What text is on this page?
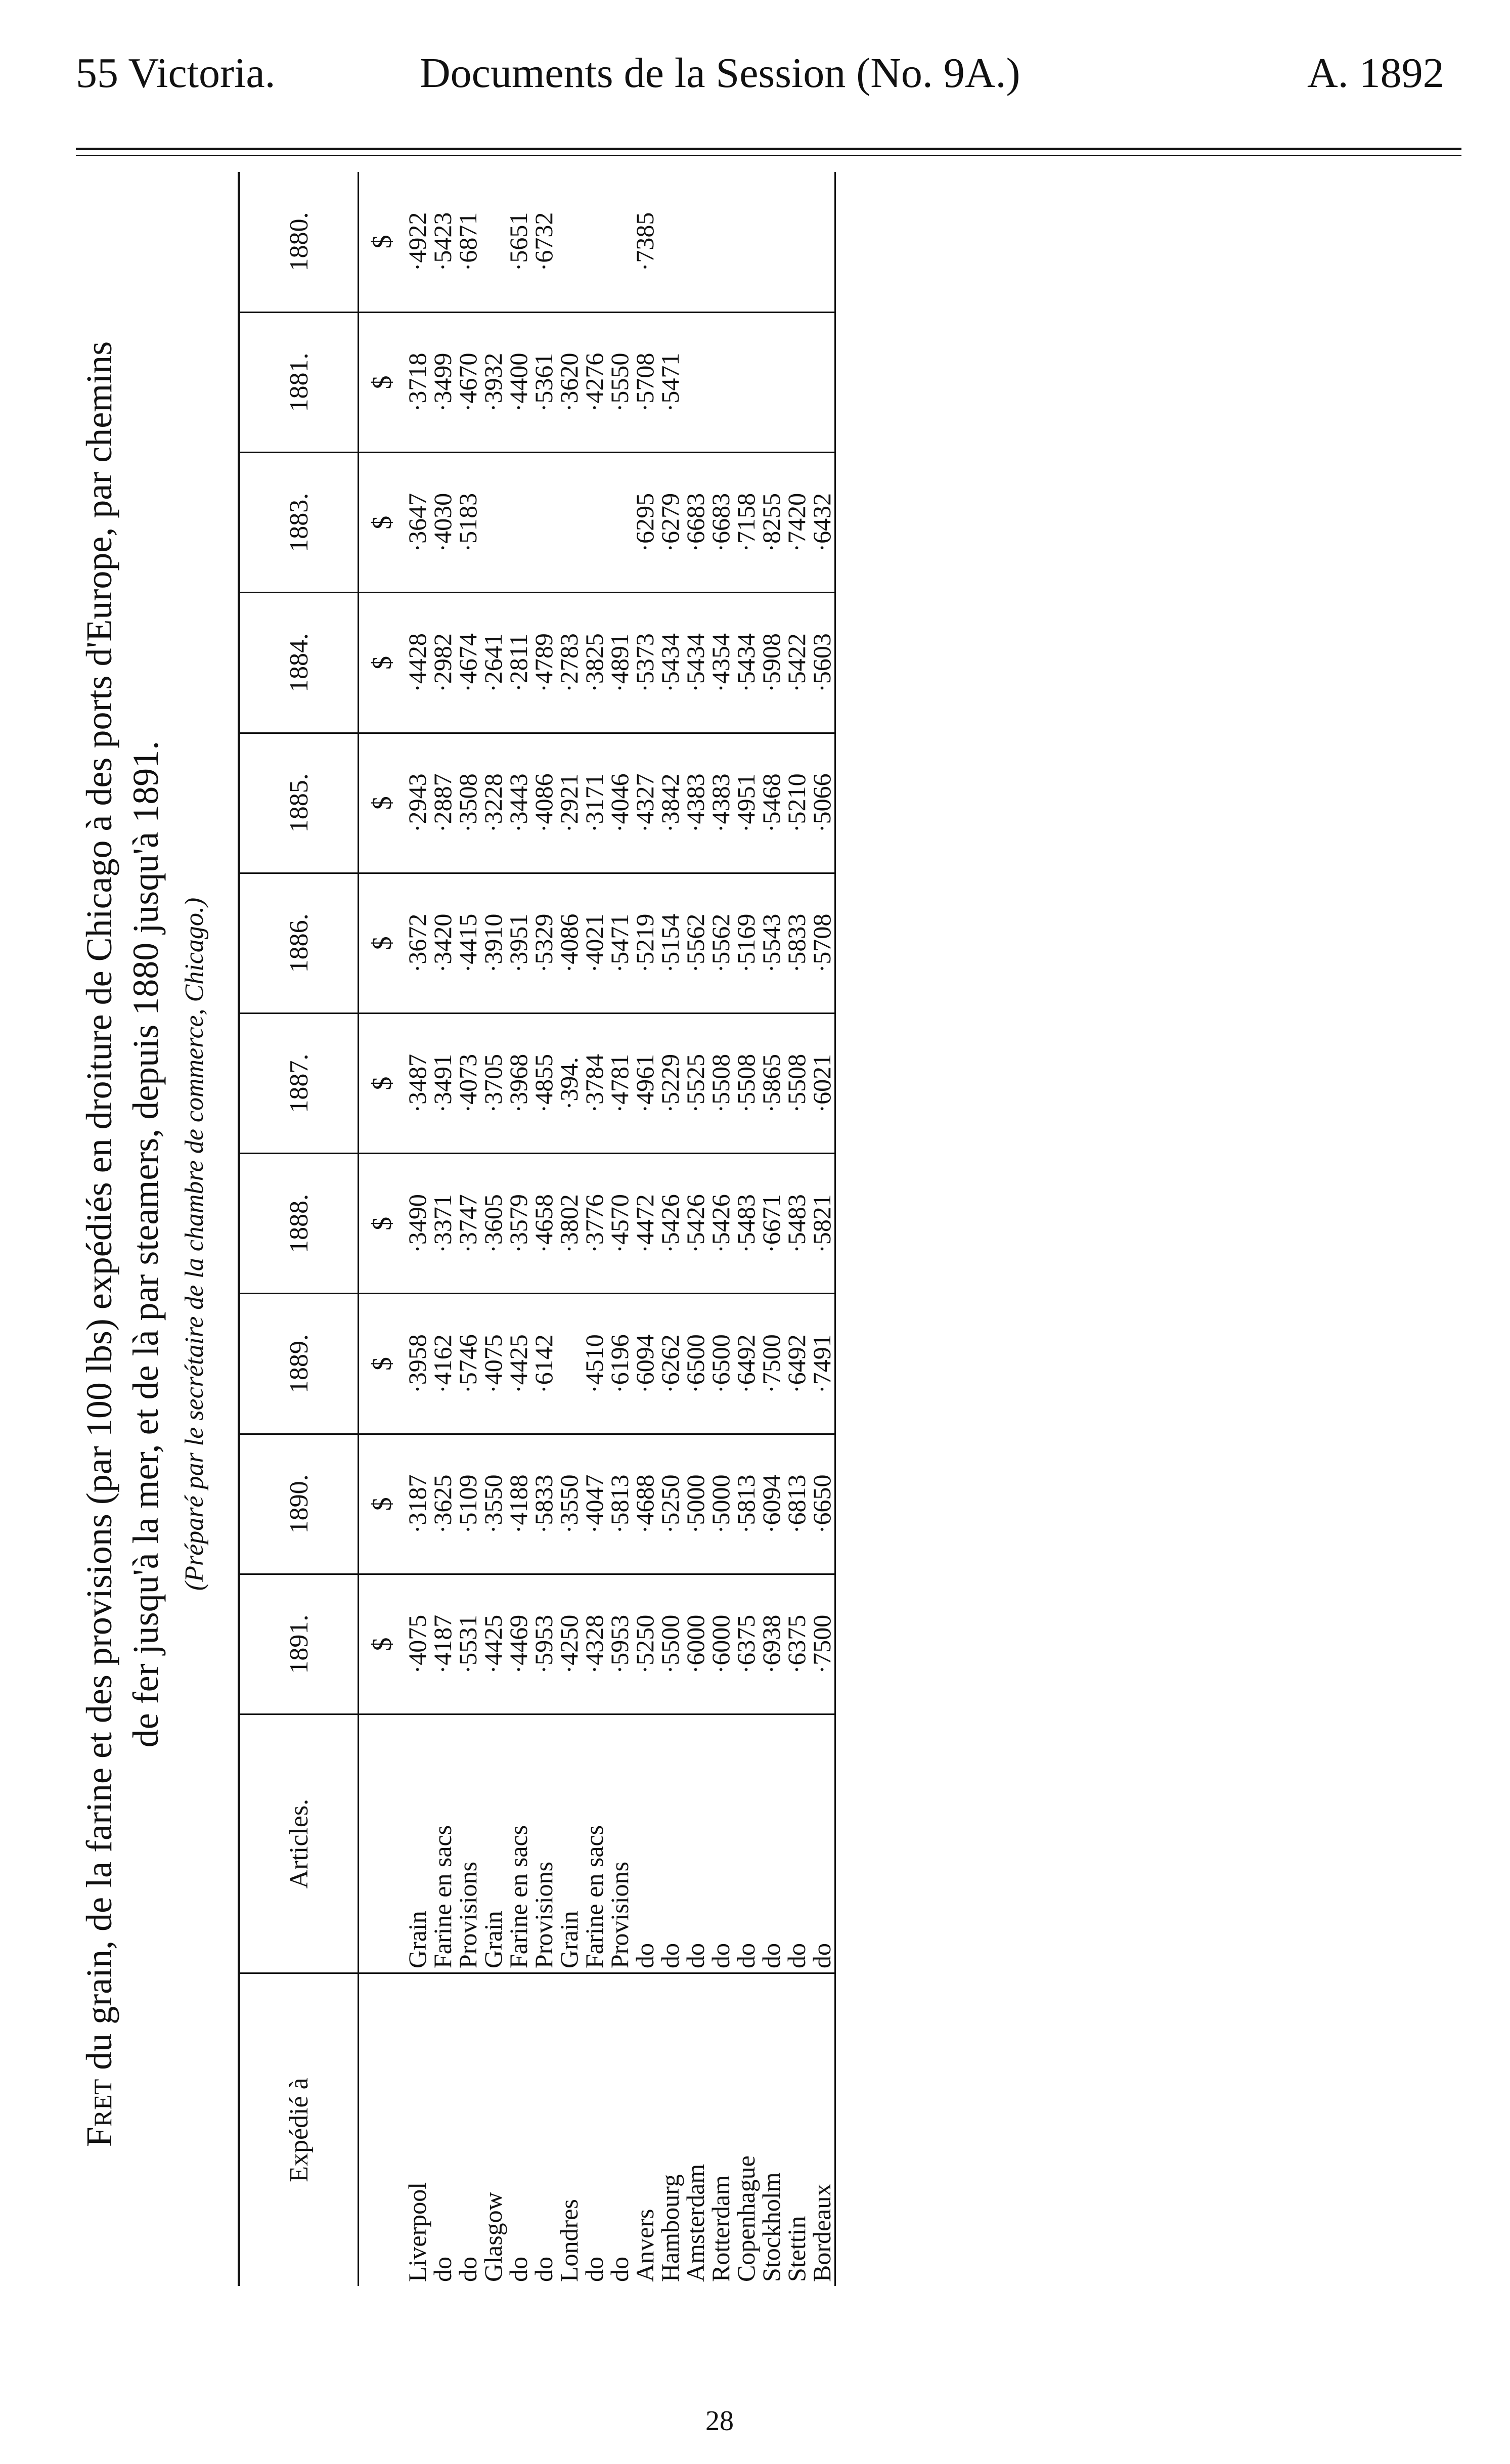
55 Victoria.	Documents de la Session (No. 9A.)	A. 1892
Fret du grain, de la farine et des provisions (par 100 lbs) expédiés en droiture de Chicago à des ports d'Europe, par chemins de fer jusqu'à la mer, et de là par steamers, depuis 1880 jusqu'à 1891. (Préparé par le secrétaire de la chambre de commerce, Chicago.)
Expédié à	Articles.	1891.	1890.	1889.	1888.	1887.	1886.	1885.	1884.	1883.	1881.	1880.
		$	$	$	$	$	$	$	$	$	$	$
Liverpool	Grain	·4075	·3187	·3958	·3490	·3487	·3672	·2943	·4428	·3647	·3718	·4922
do	Farine en sacs	·4187	·3625	·4162	·3371	·3491	·3420	·2887	·2982	·4030	·3499	·5423
do	Provisions	·5531	·5109	·5746	·3747	·4073	·4415	·3508	·4674	·5183	·4670	·6871
Glasgow	Grain	·4425	·3550	·4075	·3605	·3705	·3910	·3228	·2641		·3932	
do	Farine en sacs	·4469	·4188	·4425	·3579	·3968	·3951	·3443	·2811		·4400	·5651
do	Provisions	·5953	·5833	·6142	·4658	·4855	·5329	·4086	·4789		·5361	·6732
Londres	Grain	·4250	·3550		·3802	·394.	·4086	·2921	·2783		·3620	
do	Farine en sacs	·4328	·4047	·4510	·3776	·3784	·4021	·3171	·3825		·4276	
do	Provisions	·5953	·5813	·6196	·4570	·4781	·5471	·4046	·4891		·5550	
Anvers	do	·5250	·4688	·6094	·4472	·4961	·5219	·4327	·5373	·6295	·5708	·7385
Hambourg	do	·5500	·5250	·6262	·5426	·5229	·5154	·3842	·5434	·6279	·5471	
Amsterdam	do	·6000	·5000	·6500	·5426	·5525	·5562	·4383	·5434	·6683		
Rotterdam	do	·6000	·5000	·6500	·5426	·5508	·5562	·4383	·4354	·6683		
Copenhague	do	·6375	·5813	·6492	·5483	·5508	·5169	·4951	·5434	·7158		
Stockholm	do	·6938	·6094	·7500	·6671	·5865	·5543	·5468	·5908	·8255		
Stettin	do	·6375	·6813	·6492	·5483	·5508	·5833	·5210	·5422	·7420		
Bordeaux	do	·7500	·6650	·7491	·5821	·6021	·5708	·5066	·5603	·6432		
28
